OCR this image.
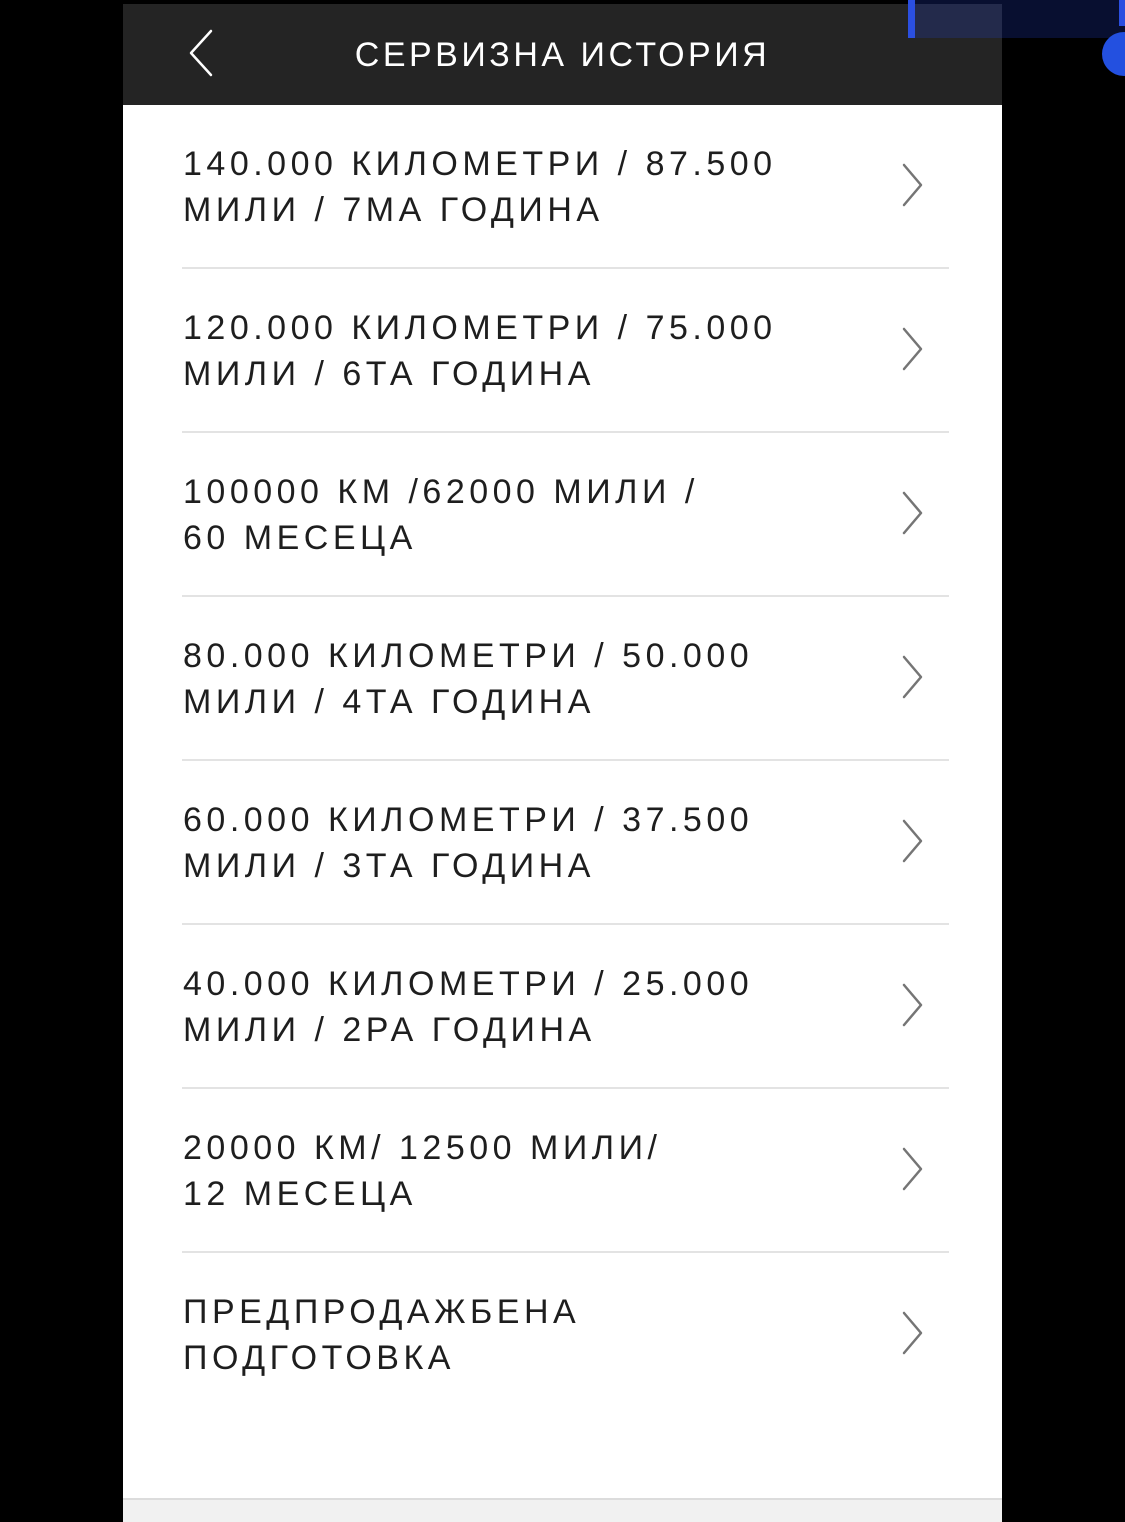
СЕРВИЗНА ИСТОРИЯ
140.000 КИЛОМЕТРИ / 87.500
МИЛИ / 7МА ГОДИНА
120.000 КИЛОМЕТРИ / 75.000
МИЛИ / 6ТА ГОДИНА
100000 КМ /62000 МИЛИ /
60 МЕСЕЦА
80.000 КИЛОМЕТРИ / 50.000
МИЛИ / 4ТА ГОДИНА
60.000 КИЛОМЕТРИ / 37.500
МИЛИ / 3ТА ГОДИНА
40.000 КИЛОМЕТРИ / 25.000
МИЛИ / 2РА ГОДИНА
20000 КМ/ 12500 МИЛИ/
12 МЕСЕЦА
ПРЕДПРОДАЖБЕНА
ПОДГОТОВКА
